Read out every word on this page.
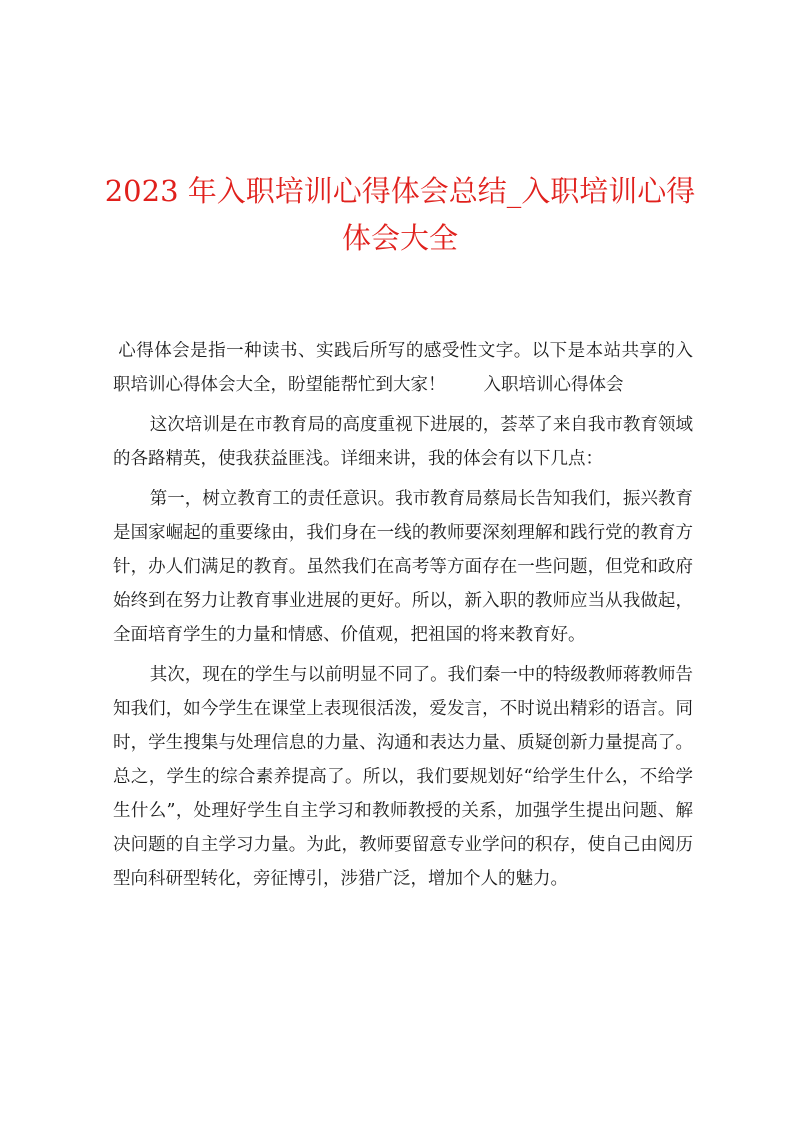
2023 年入职培训心得体会总结_入职培训心得
体会大全

心得体会是指一种读书、实践后所写的感受性文字。以下是本站共享的入职培训心得体会大全，盼望能帮忙到大家！ 入职培训心得体会

这次培训是在市教育局的高度重视下进展的，荟萃了来自我市教育领域的各路精英，使我获益匪浅。详细来讲，我的体会有以下几点：

第一，树立教育工的责任意识。我市教育局蔡局长告知我们，振兴教育是国家崛起的重要缘由，我们身在一线的教师要深刻理解和践行党的教育方针，办人们满足的教育。虽然我们在高考等方面存在一些问题，但党和政府始终到在努力让教育事业进展的更好。所以，新入职的教师应当从我做起，全面培育学生的力量和情感、价值观，把祖国的将来教育好。

其次，现在的学生与以前明显不同了。我们秦一中的特级教师蒋教师告知我们，如今学生在课堂上表现很活泼，爱发言，不时说出精彩的语言。同时，学生搜集与处理信息的力量、沟通和表达力量、质疑创新力量提高了。总之，学生的综合素养提高了。所以，我们要规划好“给学生什么，不给学生什么”，处理好学生自主学习和教师教授的关系，加强学生提出问题、解决问题的自主学习力量。为此，教师要留意专业学问的积存，使自己由阅历型向科研型转化，旁征博引，涉猎广泛，增加个人的魅力。
